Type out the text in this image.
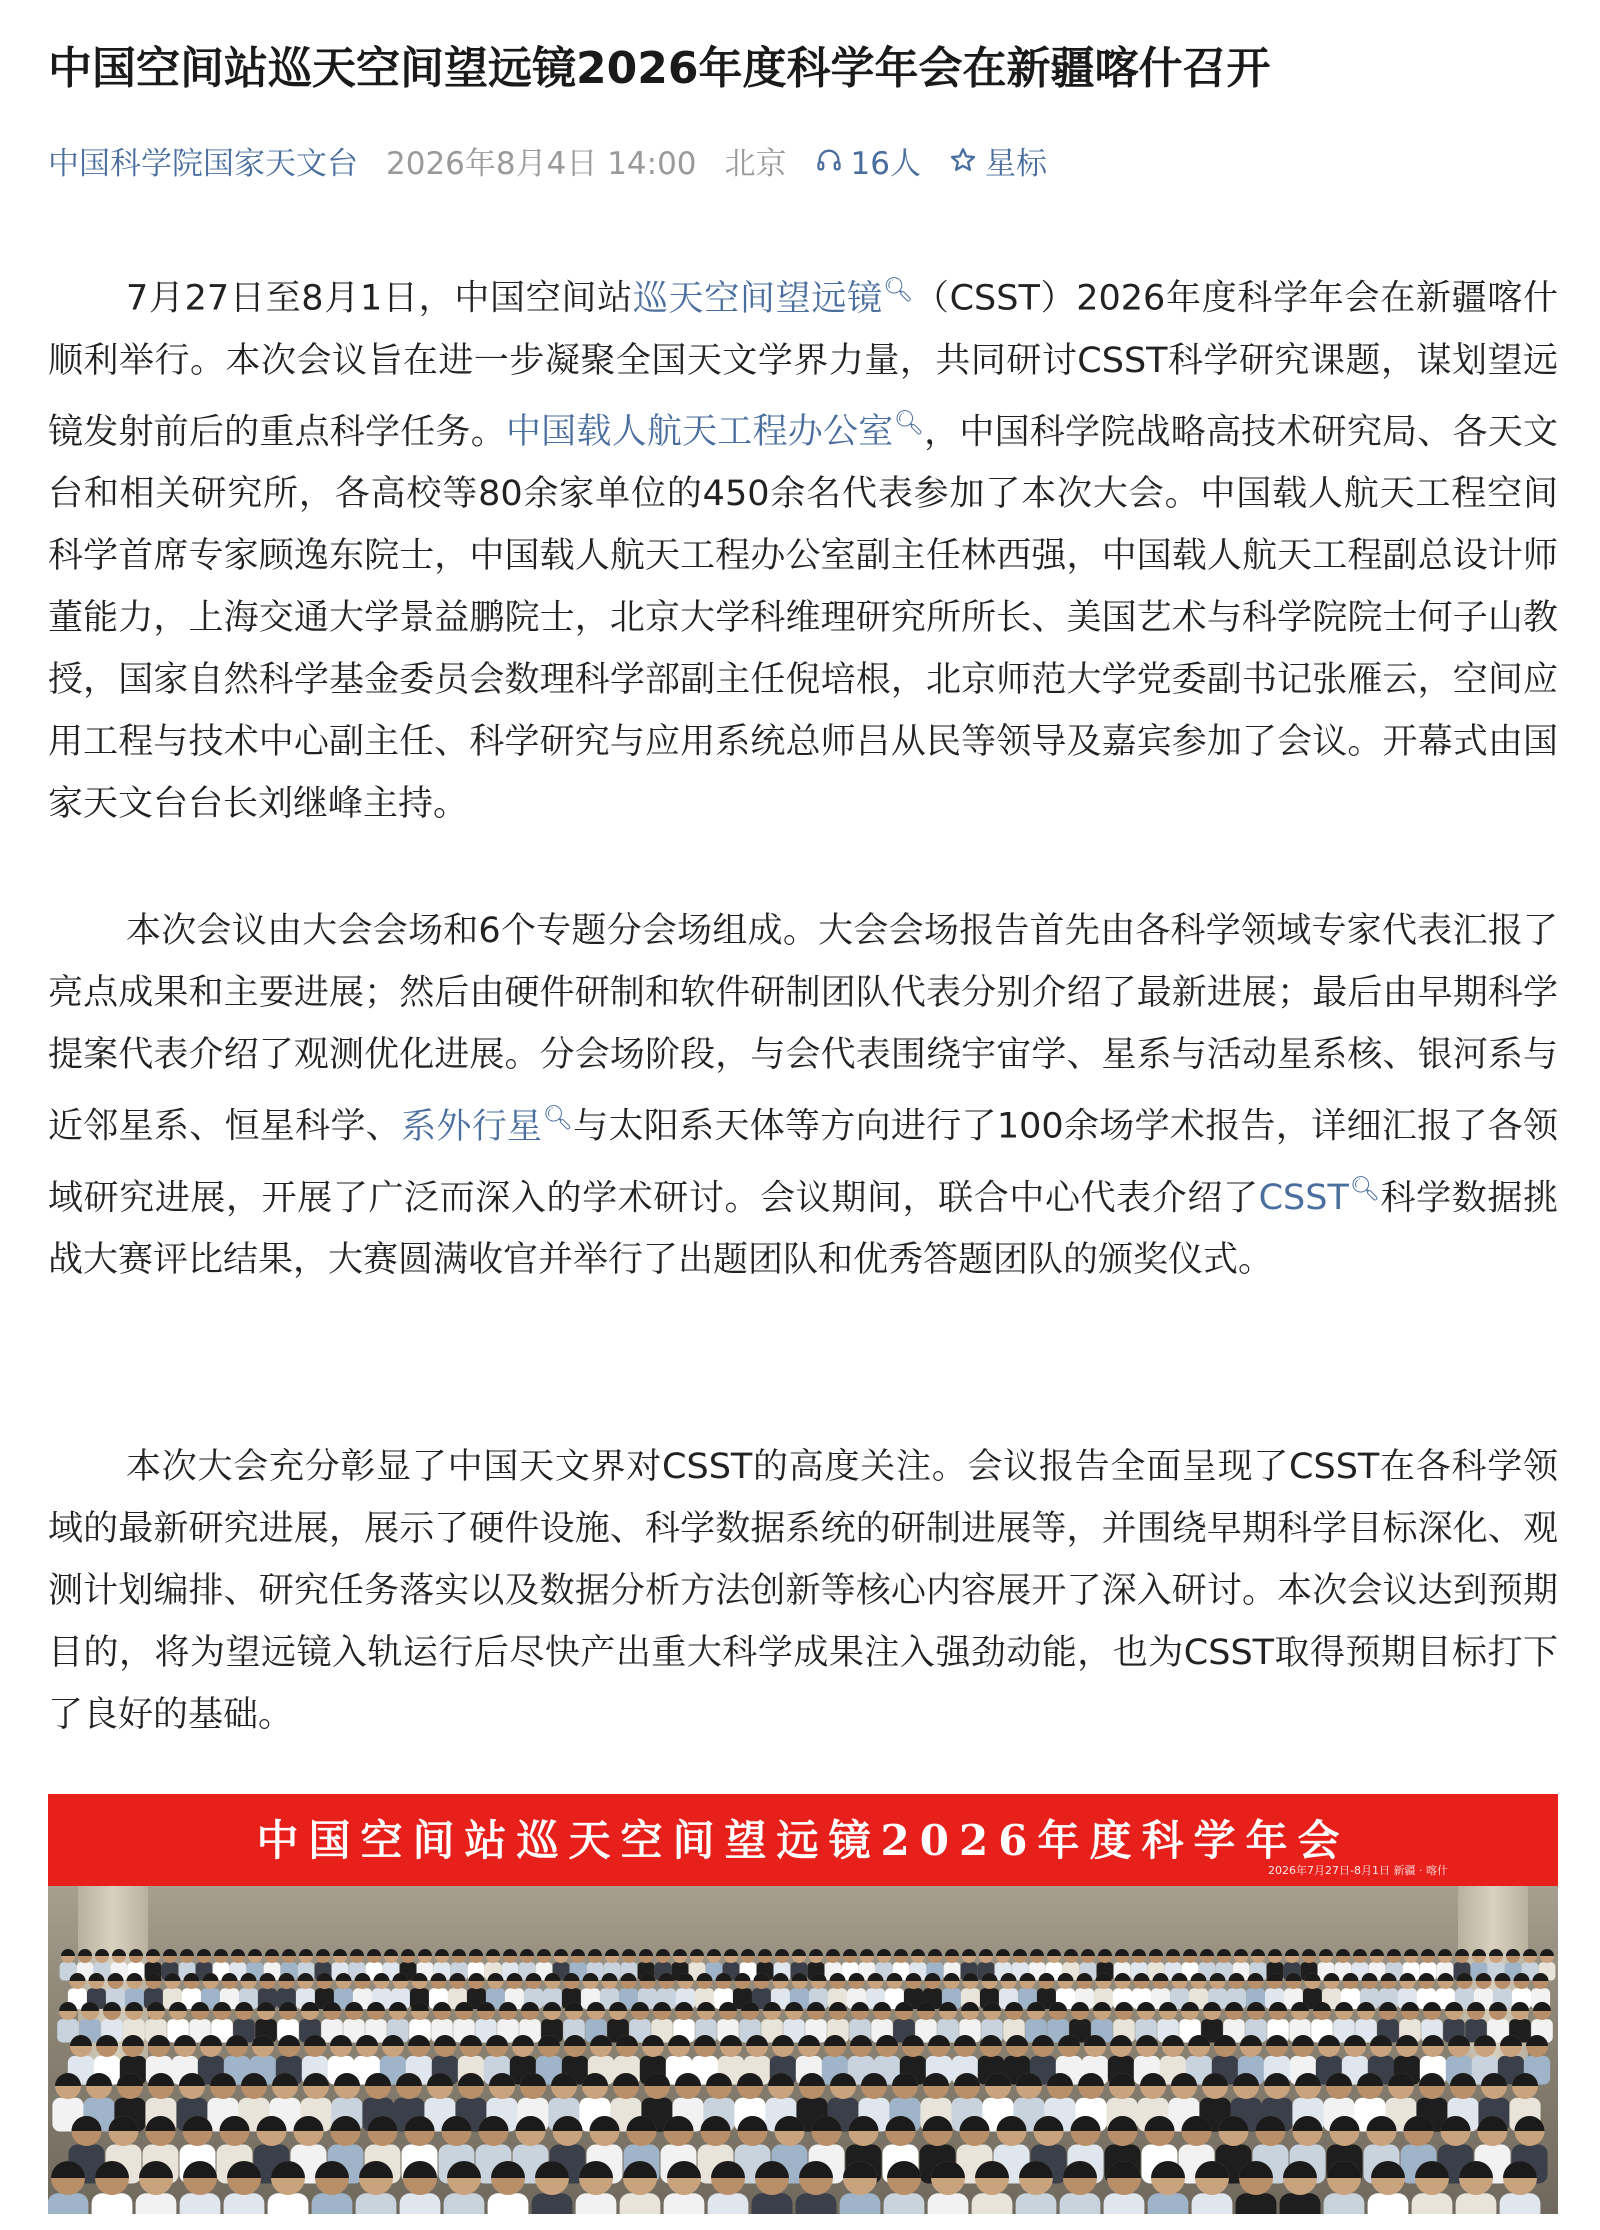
中国空间站巡天空间望远镜2026年度科学年会在新疆喀什召开
中国科学院国家天文台 2026年8月4日 14:00 北京 16人 星标

7月27日至8月1日，中国空间站巡天空间望远镜🔍︎（CSST）2026年度科学年会在新疆喀什顺利举行。本次会议旨在进一步凝聚全国天文学界力量，共同研讨CSST科学研究课题，谋划望远镜发射前后的重点科学任务。中国载人航天工程办公室🔍︎，中国科学院战略高技术研究局、各天文台和相关研究所，各高校等80余家单位的450余名代表参加了本次大会。中国载人航天工程空间科学首席专家顾逸东院士，中国载人航天工程办公室副主任林西强，中国载人航天工程副总设计师董能力，上海交通大学景益鹏院士，北京大学科维理研究所所长、美国艺术与科学院院士何子山教授，国家自然科学基金委员会数理科学部副主任倪培根，北京师范大学党委副书记张雁云，空间应用工程与技术中心副主任、科学研究与应用系统总师吕从民等领导及嘉宾参加了会议。开幕式由国家天文台台长刘继峰主持。

本次会议由大会会场和6个专题分会场组成。大会会场报告首先由各科学领域专家代表汇报了亮点成果和主要进展；然后由硬件研制和软件研制团队代表分别介绍了最新进展；最后由早期科学提案代表介绍了观测优化进展。分会场阶段，与会代表围绕宇宙学、星系与活动星系核、银河系与近邻星系、恒星科学、系外行星🔍︎与太阳系天体等方向进行了100余场学术报告，详细汇报了各领域研究进展，开展了广泛而深入的学术研讨。会议期间，联合中心代表介绍了CSST🔍︎科学数据挑战大赛评比结果，大赛圆满收官并举行了出题团队和优秀答题团队的颁奖仪式。

本次大会充分彰显了中国天文界对CSST的高度关注。会议报告全面呈现了CSST在各科学领域的最新研究进展，展示了硬件设施、科学数据系统的研制进展等，并围绕早期科学目标深化、观测计划编排、研究任务落实以及数据分析方法创新等核心内容展开了深入研讨。本次会议达到预期目的，将为望远镜入轨运行后尽快产出重大科学成果注入强劲动能，也为CSST取得预期目标打下了良好的基础。

中国空间站巡天空间望远镜2026年度科学年会
2026年7月27日-8月1日 新疆 · 喀什
